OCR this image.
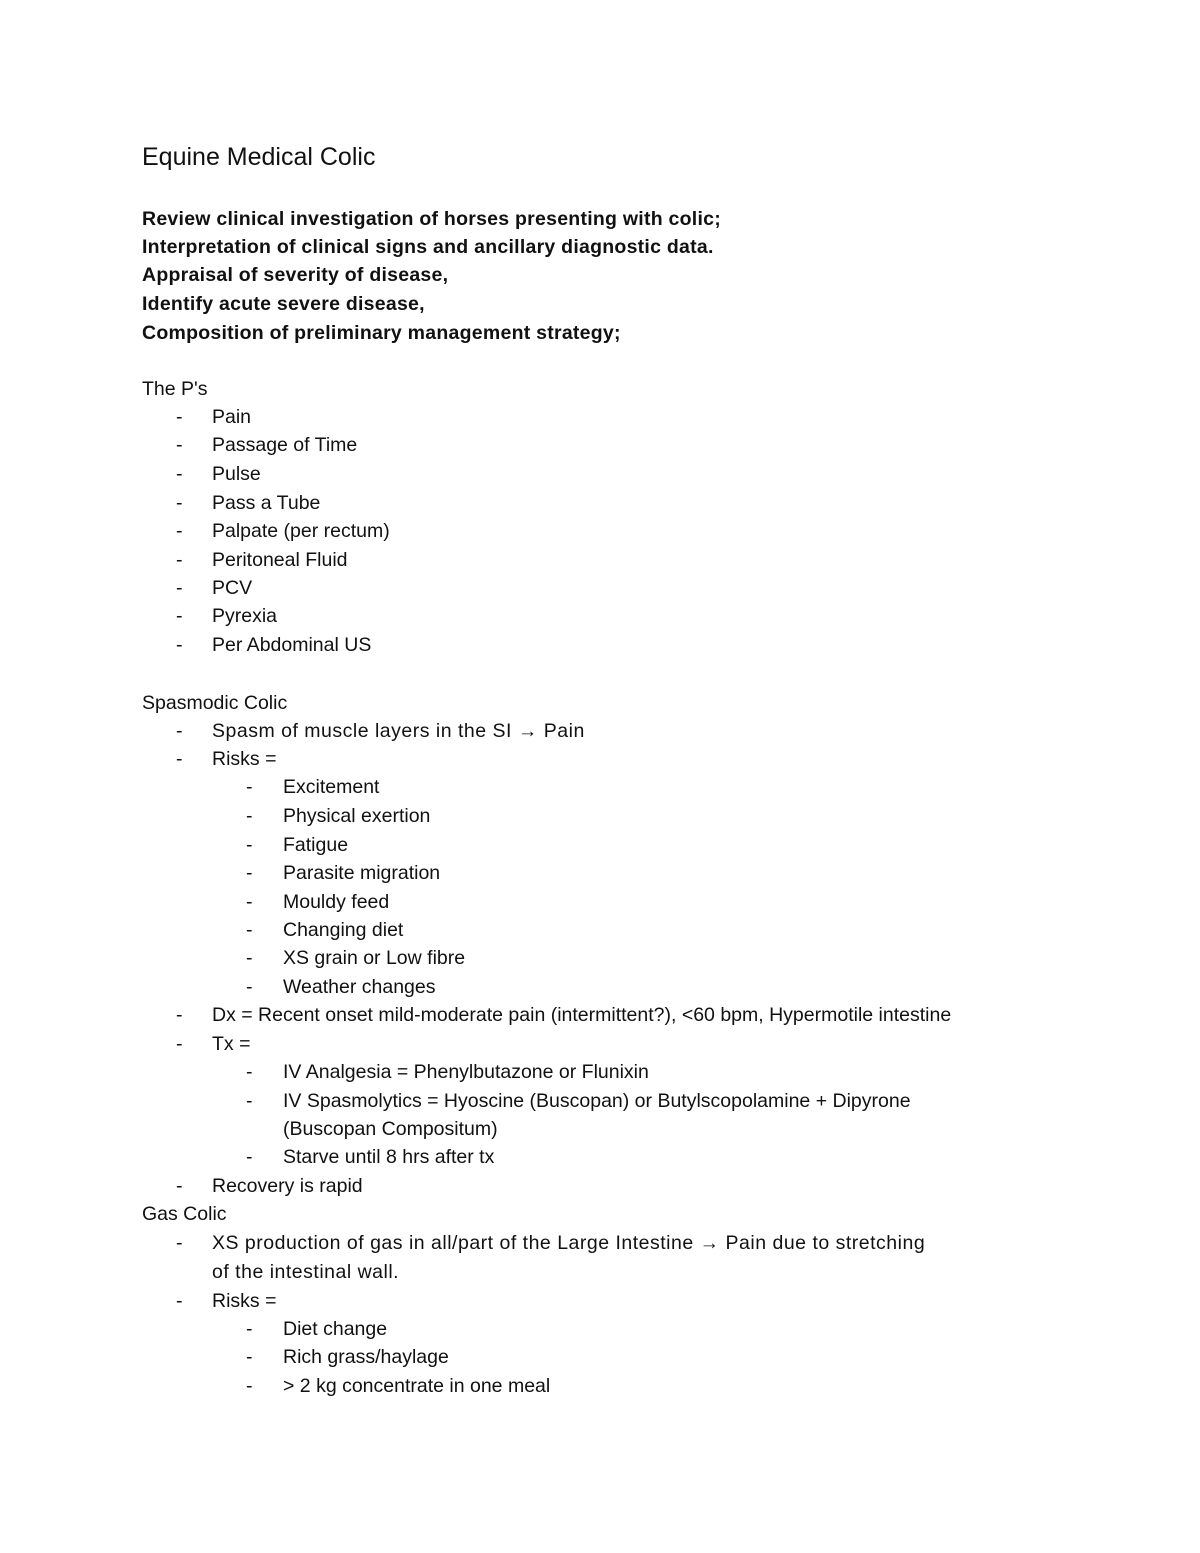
Equine Medical Colic
Review clinical investigation of horses presenting with colic;
Interpretation of clinical signs and ancillary diagnostic data.
Appraisal of severity of disease,
Identify acute severe disease,
Composition of preliminary management strategy;
The P's
- Pain
- Passage of Time
- Pulse
- Pass a Tube
- Palpate (per rectum)
- Peritoneal Fluid
- PCV
- Pyrexia
- Per Abdominal US
Spasmodic Colic
- Spasm of muscle layers in the SI → Pain
- Risks =
- Excitement
- Physical exertion
- Fatigue
- Parasite migration
- Mouldy feed
- Changing diet
- XS grain or Low fibre
- Weather changes
- Dx = Recent onset mild-moderate pain (intermittent?), <60 bpm, Hypermotile intestine
- Tx =
- IV Analgesia = Phenylbutazone or Flunixin
- IV Spasmolytics = Hyoscine (Buscopan) or Butylscopolamine + Dipyrone
(Buscopan Compositum)
- Starve until 8 hrs after tx
- Recovery is rapid
Gas Colic
- XS production of gas in all/part of the Large Intestine → Pain due to stretching
of the intestinal wall.
- Risks =
- Diet change
- Rich grass/haylage
- > 2 kg concentrate in one meal
